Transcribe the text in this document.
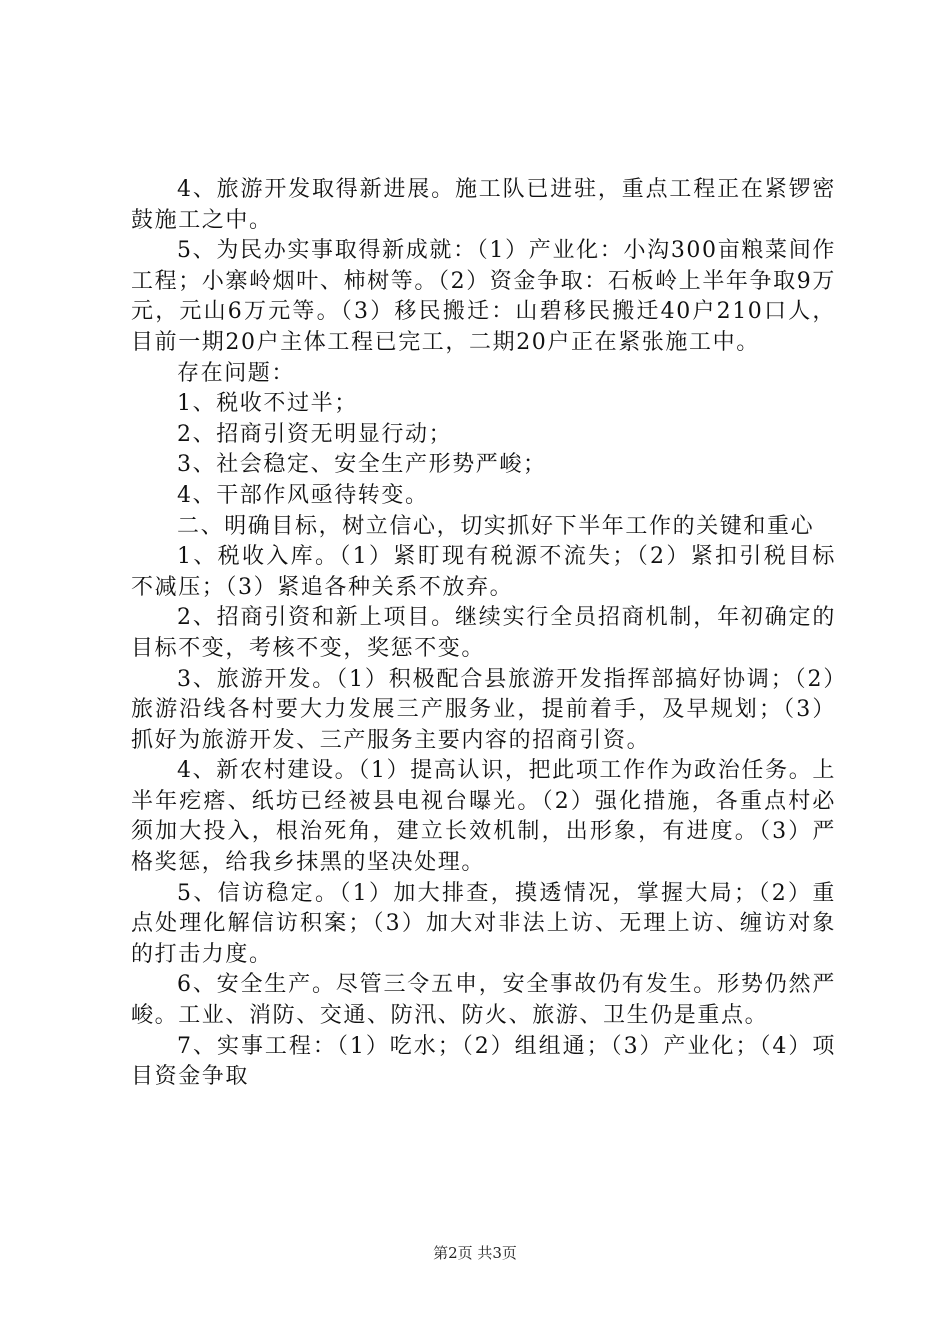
4、旅游开发取得新进展。施工队已进驻，重点工程正在紧锣密鼓施工之中。

5、为民办实事取得新成就：（1）产业化：小沟300亩粮菜间作工程；小寨岭烟叶、柿树等。（2）资金争取：石板岭上半年争取9万元，元山6万元等。（3）移民搬迁：山碧移民搬迁40户210口人，目前一期20户主体工程已完工，二期20户正在紧张施工中。

存在问题：

1、税收不过半；

2、招商引资无明显行动；

3、社会稳定、安全生产形势严峻；

4、干部作风亟待转变。

二、明确目标，树立信心，切实抓好下半年工作的关键和重心

1、税收入库。（1）紧盯现有税源不流失；（2）紧扣引税目标不减压；（3）紧追各种关系不放弃。

2、招商引资和新上项目。继续实行全员招商机制，年初确定的目标不变，考核不变，奖惩不变。

3、旅游开发。（1）积极配合县旅游开发指挥部搞好协调；（2）旅游沿线各村要大力发展三产服务业，提前着手，及早规划；（3）抓好为旅游开发、三产服务主要内容的招商引资。

4、新农村建设。（1）提高认识，把此项工作作为政治任务。上半年疙瘩、纸坊已经被县电视台曝光。（2）强化措施，各重点村必须加大投入，根治死角，建立长效机制，出形象，有进度。（3）严格奖惩，给我乡抹黑的坚决处理。

5、信访稳定。（1）加大排查，摸透情况，掌握大局；（2）重点处理化解信访积案；（3）加大对非法上访、无理上访、缠访对象的打击力度。

6、安全生产。尽管三令五申，安全事故仍有发生。形势仍然严峻。工业、消防、交通、防汛、防火、旅游、卫生仍是重点。

7、实事工程：（1）吃水；（2）组组通；（3）产业化；（4）项目资金争取

第2页 共3页
